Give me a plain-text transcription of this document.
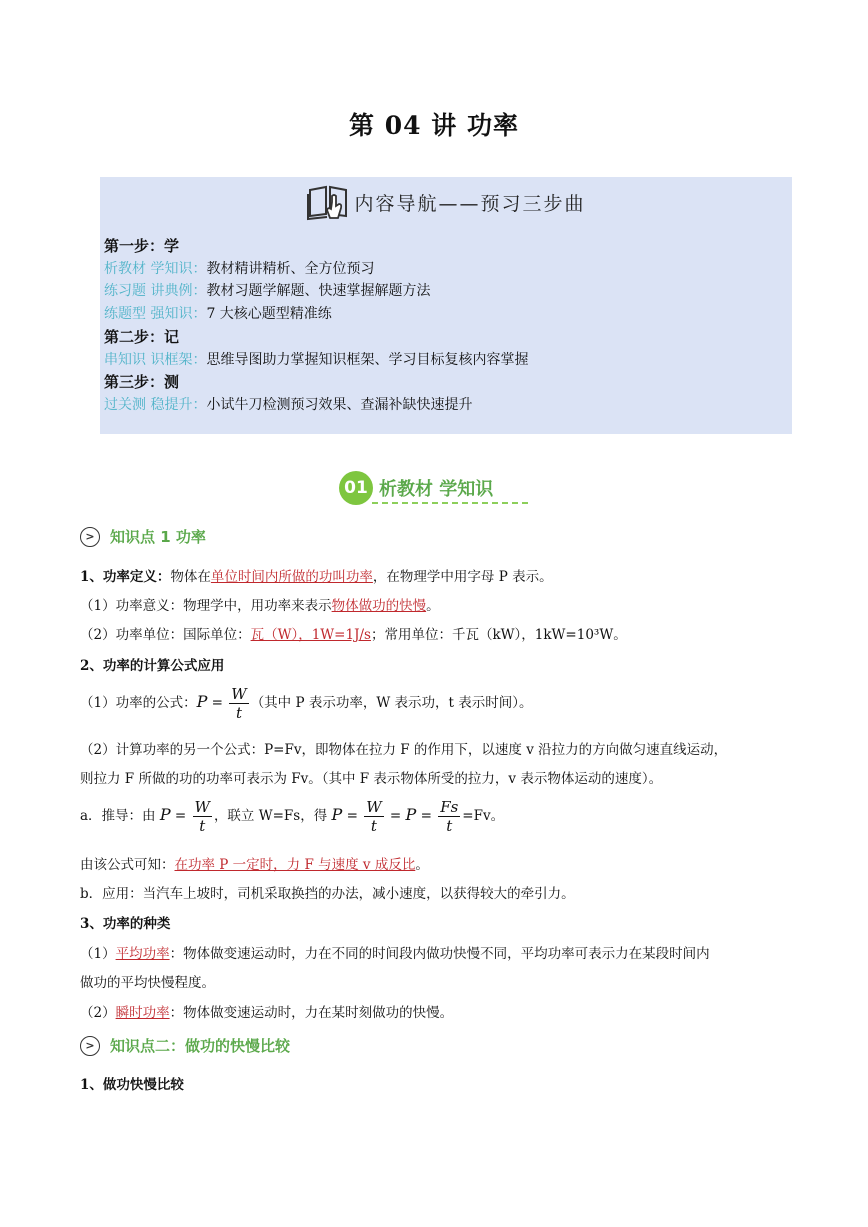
第 04 讲 功率
内容导航——预习三步曲
第一步：学
析教材 学知识：教材精讲精析、全方位预习
练习题 讲典例：教材习题学解题、快速掌握解题方法
练题型 强知识：7 大核心题型精准练
第二步：记
串知识 识框架：思维导图助力掌握知识框架、学习目标复核内容掌握
第三步：测
过关测 稳提升：小试牛刀检测预习效果、查漏补缺快速提升
01 析教材 学知识
> 知识点 1 功率
1、功率定义：物体在单位时间内所做的功叫功率，在物理学中用字母 P 表示。
（1）功率意义：物理学中，用功率来表示物体做功的快慢。
（2）功率单位：国际单位：瓦（W），1W=1J/s；常用单位：千瓦（kW），1kW=10³W。
2、功率的计算公式应用
（1）功率的公式：$P = \frac{W}{t}$ （其中 P 表示功率，W 表示功，t 表示时间）。
（2）计算功率的另一个公式：P=Fv，即物体在拉力 F 的作用下，以速度 v 沿拉力的方向做匀速直线运动，
则拉力 F 所做的功的功率可表示为 Fv。（其中 F 表示物体所受的拉力，v 表示物体运动的速度）。
a．推导：由 $P = \frac{W}{t}$ ，联立 W=Fs，得 $P = \frac{W}{t} = P = \frac{Fs}{t} =Fv$。
由该公式可知：在功率 P 一定时，力 F 与速度 v 成反比。
b．应用：当汽车上坡时，司机采取换挡的办法，减小速度，以获得较大的牵引力。
3、功率的种类
（1）平均功率：物体做变速运动时，力在不同的时间段内做功快慢不同，平均功率可表示力在某段时间内
做功的平均快慢程度。
（2）瞬时功率：物体做变速运动时，力在某时刻做功的快慢。
> 知识点二：做功的快慢比较
1、做功快慢比较
